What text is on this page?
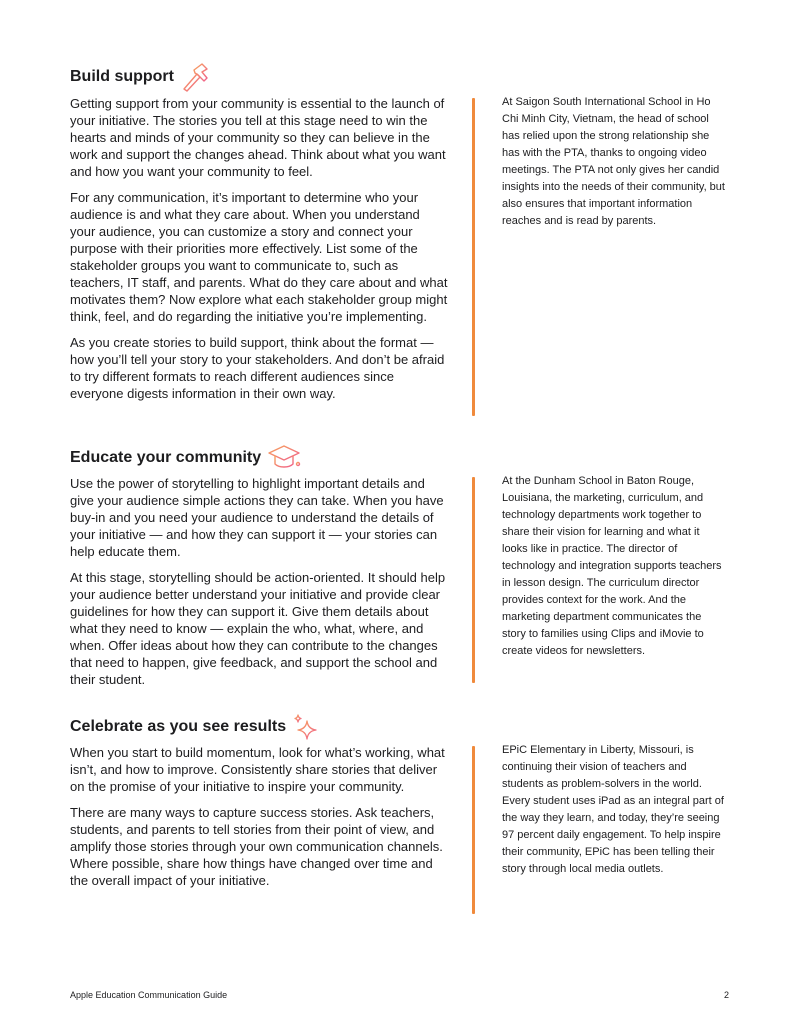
Build support

Getting support from your community is essential to the launch of your initiative. The stories you tell at this stage need to win the hearts and minds of your community so they can believe in the work and support the changes ahead. Think about what you want and how you want your community to feel.

For any communication, it’s important to determine who your audience is and what they care about. When you understand your audience, you can customize a story and connect your purpose with their priorities more effectively. List some of the stakeholder groups you want to communicate to, such as teachers, IT staff, and parents. What do they care about and what motivates them? Now explore what each stakeholder group might think, feel, and do regarding the initiative you’re implementing.

As you create stories to build support, think about the format — how you’ll tell your story to your stakeholders. And don’t be afraid to try different formats to reach different audiences since everyone digests information in their own way.

At Saigon South International School in Ho Chi Minh City, Vietnam, the head of school has relied upon the strong relationship she has with the PTA, thanks to ongoing video meetings. The PTA not only gives her candid insights into the needs of their community, but also ensures that important information reaches and is read by parents.
Educate your community

Use the power of storytelling to highlight important details and give your audience simple actions they can take. When you have buy-in and you need your audience to understand the details of your initiative — and how they can support it — your stories can help educate them.

At this stage, storytelling should be action-oriented. It should help your audience better understand your initiative and provide clear guidelines for how they can support it. Give them details about what they need to know — explain the who, what, where, and when. Offer ideas about how they can contribute to the changes that need to happen, give feedback, and support the school and their student.

At the Dunham School in Baton Rouge, Louisiana, the marketing, curriculum, and technology departments work together to share their vision for learning and what it looks like in practice. The director of technology and integration supports teachers in lesson design. The curriculum director provides context for the work. And the marketing department communicates the story to families using Clips and iMovie to create videos for newsletters.
Celebrate as you see results

When you start to build momentum, look for what’s working, what isn’t, and how to improve. Consistently share stories that deliver on the promise of your initiative to inspire your community.

There are many ways to capture success stories. Ask teachers, students, and parents to tell stories from their point of view, and amplify those stories through your own communication channels. Where possible, share how things have changed over time and the overall impact of your initiative.

EPiC Elementary in Liberty, Missouri, is continuing their vision of teachers and students as problem-solvers in the world. Every student uses iPad as an integral part of the way they learn, and today, they’re seeing 97 percent daily engagement. To help inspire their community, EPiC has been telling their story through local media outlets.
Apple Education Communication Guide	2
